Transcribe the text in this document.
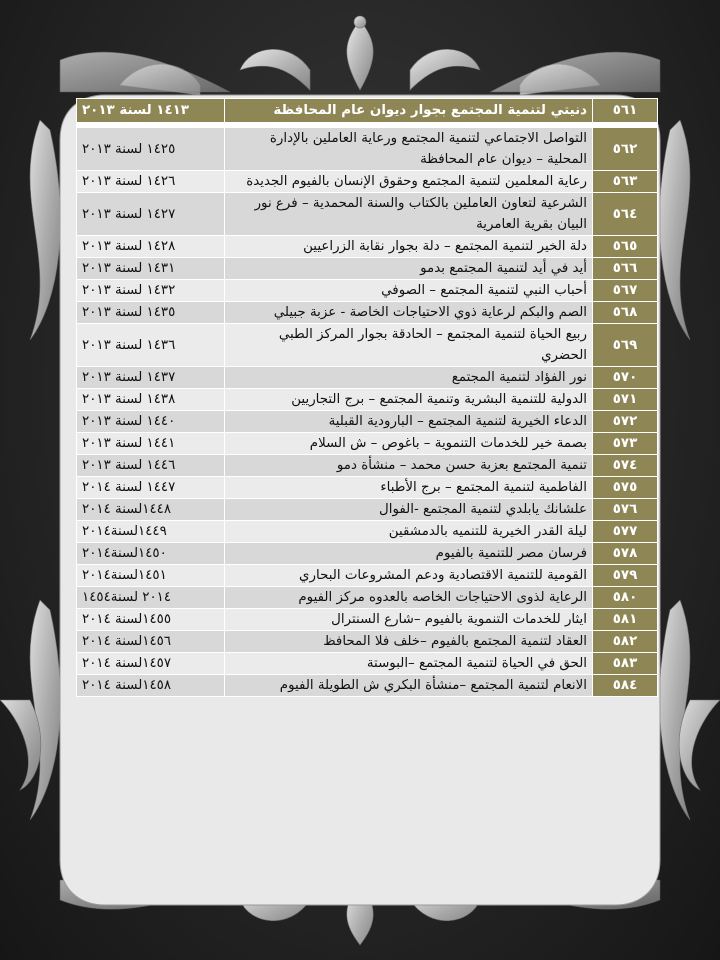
٥٦١	دنيتي لتنمية المجتمع بجوار ديوان عام المحافظة	١٤١٣ لسنة ٢٠١٣

٥٦٢	التواصل الاجتماعي لتنمية المجتمع ورعاية العاملين بالإدارة المحلية – ديوان عام المحافظة	١٤٢٥ لسنة ٢٠١٣
٥٦٣	رعاية المعلمين لتنمية المجتمع وحقوق الإنسان بالفيوم الجديدة	١٤٢٦ لسنة ٢٠١٣
٥٦٤	الشرعية لتعاون العاملين بالكتاب والسنة المحمدية – فرع نور البيان بقرية العامرية	١٤٢٧ لسنة ٢٠١٣
٥٦٥	دلة الخير لتنمية المجتمع – دلة بجوار نقابة الزراعيين	١٤٢٨ لسنة ٢٠١٣
٥٦٦	أيد في أيد لتنمية المجتمع بدمو	١٤٣١ لسنة ٢٠١٣
٥٦٧	أحباب النبي لتنمية المجتمع – الصوفي	١٤٣٢ لسنة ٢٠١٣
٥٦٨	الصم والبكم لرعاية ذوي الاحتياجات الخاصة - عزبة جبيلي	١٤٣٥ لسنة ٢٠١٣
٥٦٩	ربيع الحياة لتنمية المجتمع – الحادقة بجوار المركز الطبي الحضري	١٤٣٦ لسنة ٢٠١٣
٥٧٠	نور الفؤاد لتنمية المجتمع	١٤٣٧ لسنة ٢٠١٣
٥٧١	الدولية للتنمية البشرية وتنمية المجتمع – برج التجاريين	١٤٣٨ لسنة ٢٠١٣
٥٧٢	الدعاء الخيرية لتنمية المجتمع – البارودية القبلية	١٤٤٠ لسنة ٢٠١٣
٥٧٣	بصمة خير للخدمات التنموية – باغوص – ش السلام	١٤٤١ لسنة ٢٠١٣
٥٧٤	تنمية المجتمع بعزبة حسن محمد – منشأة دمو	١٤٤٦ لسنة ٢٠١٣
٥٧٥	الفاطمية لتنمية المجتمع – برج الأطباء	١٤٤٧ لسنة ٢٠١٤
٥٧٦	علشانك يابلدي لتنمية المجتمع -الفوال	١٤٤٨لسنة ٢٠١٤
٥٧٧	ليلة القدر الخيرية للتنميه بالدمشقين	١٤٤٩لسنة٢٠١٤
٥٧٨	فرسان مصر للتنمية بالفيوم	١٤٥٠لسنة٢٠١٤
٥٧٩	القومية للتنمية الاقتصادية ودعم المشروعات البحاري	١٤٥١لسنة٢٠١٤
٥٨٠	الرعاية لذوى الاحتياجات الخاصه بالعدوه مركز الفيوم	٢٠١٤ لسنة١٤٥٤
٥٨١	ايثار للخدمات التنموية بالفيوم –شارع السنترال	١٤٥٥لسنة ٢٠١٤
٥٨٢	العقاد لتنمية المجتمع بالفيوم –خلف فلا المحافظ	١٤٥٦لسنة ٢٠١٤
٥٨٣	الحق في الحياة لتنمية المجتمع –البوستة	١٤٥٧لسنة ٢٠١٤
٥٨٤	الانعام لتنمية المجتمع –منشأة البكري ش الطويلة الفيوم	١٤٥٨لسنة ٢٠١٤
